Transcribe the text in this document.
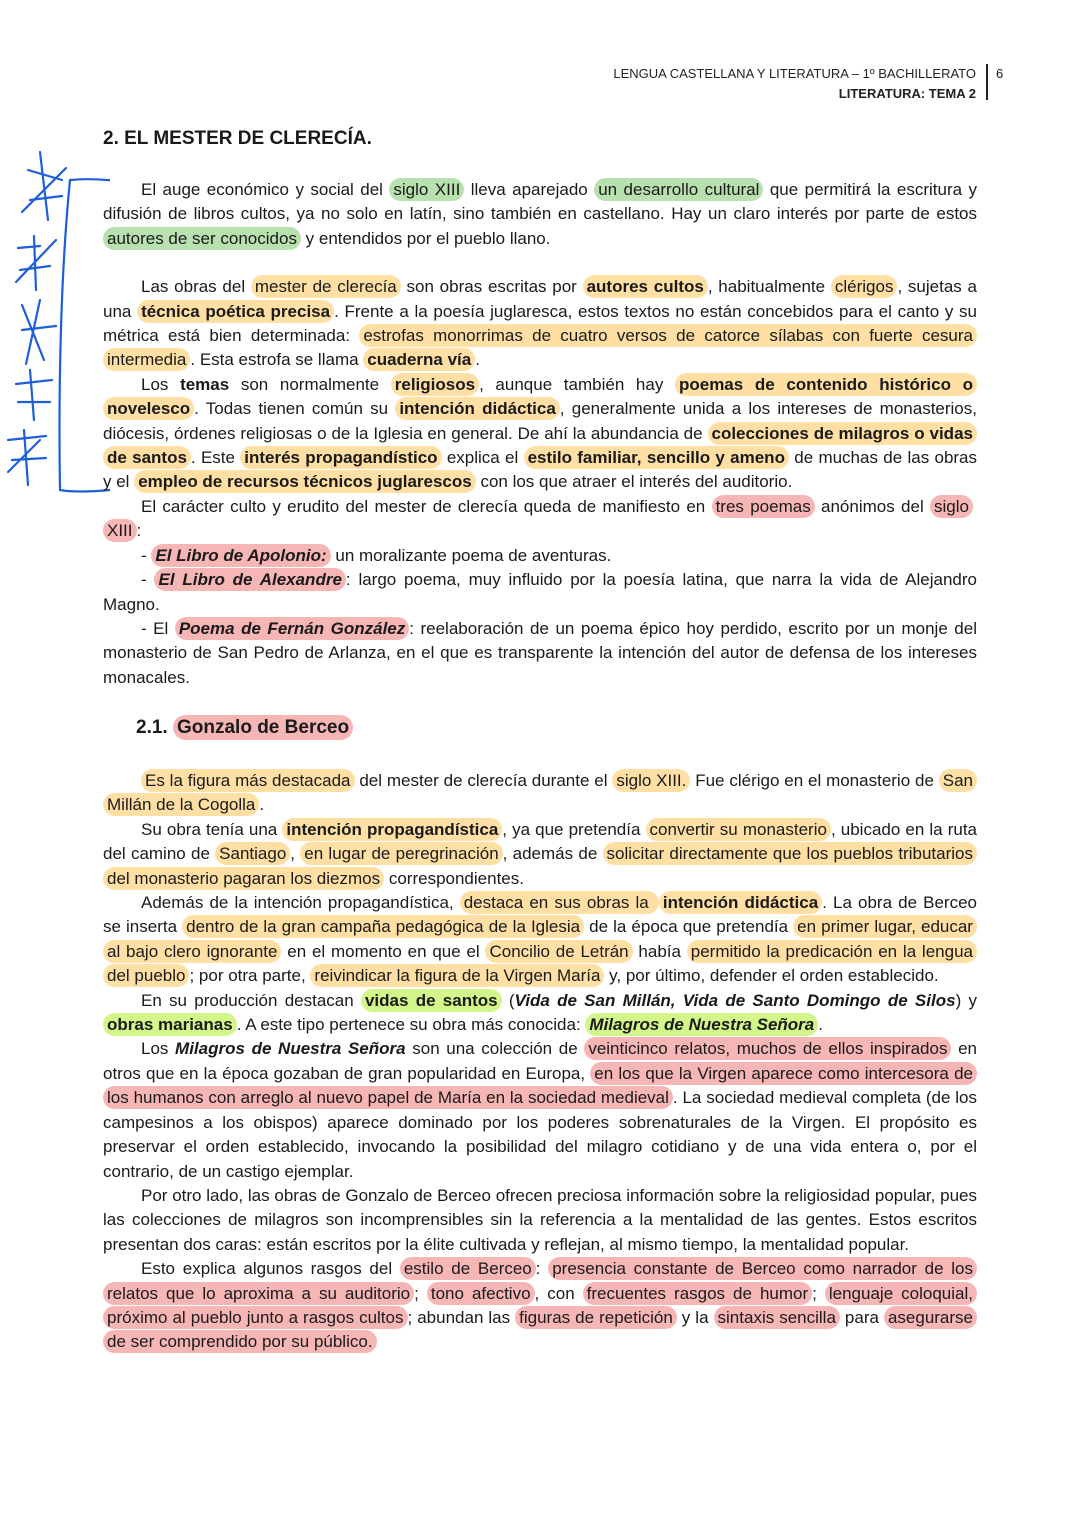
LENGUA CASTELLANA Y LITERATURA – 1º BACHILLERATO
LITERATURA: TEMA 2
6
2. EL MESTER DE CLERECÍA.

El auge económico y social del siglo XIII lleva aparejado un desarrollo cultural que permitirá la escritura y difusión de libros cultos, ya no solo en latín, sino también en castellano. Hay un claro interés por parte de estos autores de ser conocidos y entendidos por el pueblo llano.

Las obras del mester de clerecía son obras escritas por autores cultos , habitualmente clérigos , sujetas a una técnica poética precisa . Frente a la poesía juglaresca, estos textos no están concebidos para el canto y su métrica está bien determinada: estrofas monorrimas de cuatro versos de catorce sílabas con fuerte cesura intermedia . Esta estrofa se llama cuaderna vía .

Los temas son normalmente religiosos , aunque también hay poemas de contenido histórico o novelesco . Todas tienen común su intención didáctica , generalmente unida a los intereses de monasterios, diócesis, órdenes religiosas o de la Iglesia en general. De ahí la abundancia de colecciones de milagros o vidas de santos . Este interés propagandístico explica el estilo familiar, sencillo y ameno de muchas de las obras y el empleo de recursos técnicos juglarescos con los que atraer el interés del auditorio.

El carácter culto y erudito del mester de clerecía queda de manifiesto en tres poemas anónimos del siglo XIII :

- El Libro de Apolonio: un moralizante poema de aventuras.

- El Libro de Alexandre : largo poema, muy influido por la poesía latina, que narra la vida de Alejandro Magno.

- El Poema de Fernán González : reelaboración de un poema épico hoy perdido, escrito por un monje del monasterio de San Pedro de Arlanza, en el que es transparente la intención del autor de defensa de los intereses monacales.

2.1. Gonzalo de Berceo

Es la figura más destacada del mester de clerecía durante el siglo XIII. Fue clérigo en el monasterio de San Millán de la Cogolla .

Su obra tenía una intención propagandística , ya que pretendía convertir su monasterio , ubicado en la ruta del camino de Santiago , en lugar de peregrinación , además de solicitar directamente que los pueblos tributarios del monasterio pagaran los diezmos correspondientes.

Además de la intención propagandística, destaca en sus obras la intención didáctica . La obra de Berceo se inserta dentro de la gran campaña pedagógica de la Iglesia de la época que pretendía en primer lugar, educar al bajo clero ignorante en el momento en que el Concilio de Letrán había permitido la predicación en la lengua del pueblo ; por otra parte, reivindicar la figura de la Virgen María y, por último, defender el orden establecido.

En su producción destacan vidas de santos (Vida de San Millán, Vida de Santo Domingo de Silos) y obras marianas . A este tipo pertenece su obra más conocida: Milagros de Nuestra Señora .

Los Milagros de Nuestra Señora son una colección de veinticinco relatos, muchos de ellos inspirados en otros que en la época gozaban de gran popularidad en Europa, en los que la Virgen aparece como intercesora de los humanos con arreglo al nuevo papel de María en la sociedad medieval . La sociedad medieval completa (de los campesinos a los obispos) aparece dominado por los poderes sobrenaturales de la Virgen. El propósito es preservar el orden establecido, invocando la posibilidad del milagro cotidiano y de una vida entera o, por el contrario, de un castigo ejemplar.

Por otro lado, las obras de Gonzalo de Berceo ofrecen preciosa información sobre la religiosidad popular, pues las colecciones de milagros son incomprensibles sin la referencia a la mentalidad de las gentes. Estos escritos presentan dos caras: están escritos por la élite cultivada y reflejan, al mismo tiempo, la mentalidad popular.

Esto explica algunos rasgos del estilo de Berceo : presencia constante de Berceo como narrador de los relatos que lo aproxima a su auditorio ; tono afectivo , con frecuentes rasgos de humor ; lenguaje coloquial, próximo al pueblo junto a rasgos cultos ; abundan las figuras de repetición y la sintaxis sencilla para asegurarse de ser comprendido por su público.
